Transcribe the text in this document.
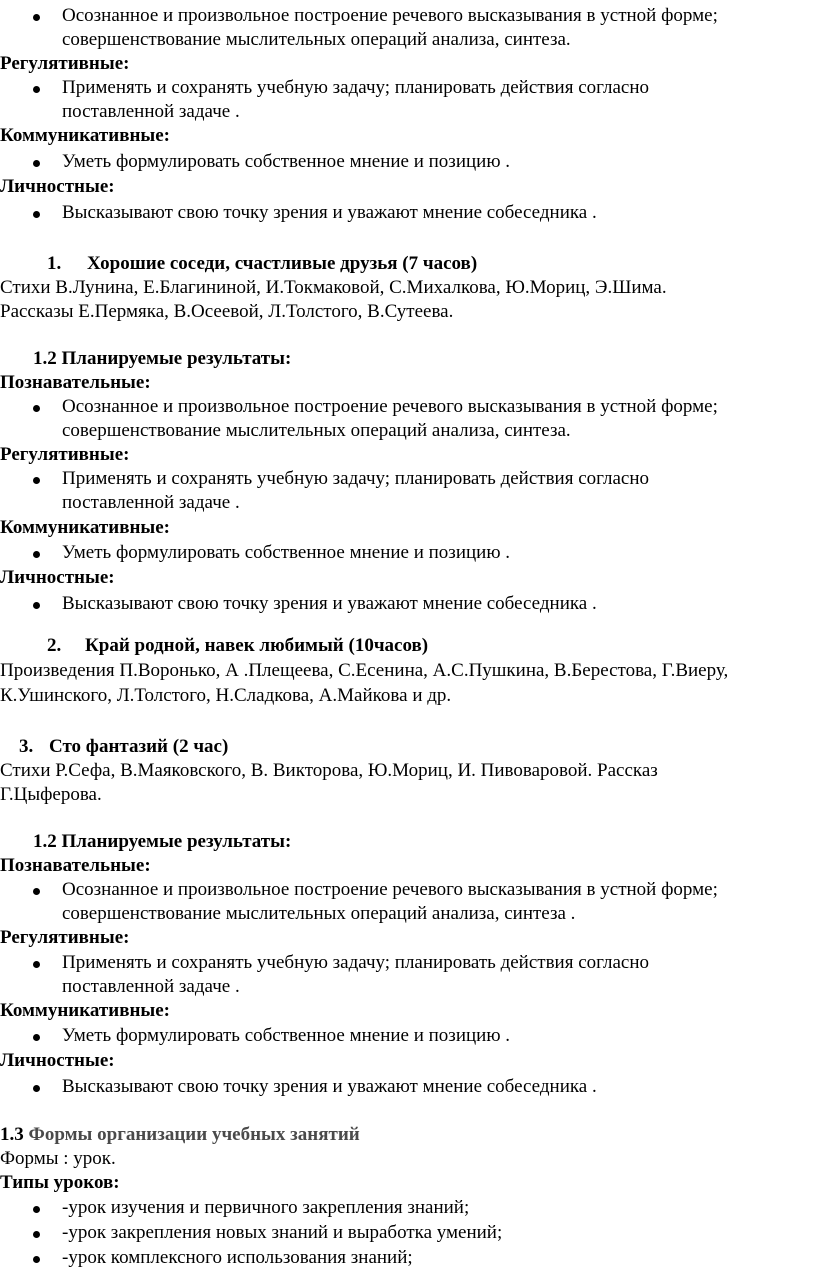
Осознанное и произвольное построение речевого высказывания в устной форме;
совершенствование мыслительных операций анализа, синтеза.
Регулятивные:
Применять и сохранять учебную задачу; планировать действия согласно
поставленной задаче .
Коммуникативные:
Уметь формулировать собственное мнение и позицию .
Личностные:
Высказывают свою точку зрения и уважают мнение собеседника .
1. Хорошие соседи, счастливые друзья (7 часов)
Стихи В.Лунина, Е.Благининой, И.Токмаковой, С.Михалкова, Ю.Мориц, Э.Шима.
Рассказы Е.Пермяка, В.Осеевой, Л.Толстого, В.Сутеева.
1.2 Планируемые результаты:
Познавательные:
Осознанное и произвольное построение речевого высказывания в устной форме;
совершенствование мыслительных операций анализа, синтеза.
Регулятивные:
Применять и сохранять учебную задачу; планировать действия согласно
поставленной задаче .
Коммуникативные:
Уметь формулировать собственное мнение и позицию .
Личностные:
Высказывают свою точку зрения и уважают мнение собеседника .
2. Край родной, навек любимый (10часов)
Произведения П.Воронько, А .Плещеева, С.Есенина, А.С.Пушкина, В.Берестова, Г.Виеру,
К.Ушинского, Л.Толстого, Н.Сладкова, А.Майкова и др.
3. Сто фантазий (2 час)
Стихи Р.Сефа, В.Маяковского, В. Викторова, Ю.Мориц, И. Пивоваровой. Рассказ
Г.Цыферова.
1.2 Планируемые результаты:
Познавательные:
Осознанное и произвольное построение речевого высказывания в устной форме;
совершенствование мыслительных операций анализа, синтеза .
Регулятивные:
Применять и сохранять учебную задачу; планировать действия согласно
поставленной задаче .
Коммуникативные:
Уметь формулировать собственное мнение и позицию .
Личностные:
Высказывают свою точку зрения и уважают мнение собеседника .
1.3 Формы организации учебных занятий
Формы : урок.
Типы уроков:
-урок изучения и первичного закрепления знаний;
-урок закрепления новых знаний и выработка умений;
-урок комплексного использования знаний;
